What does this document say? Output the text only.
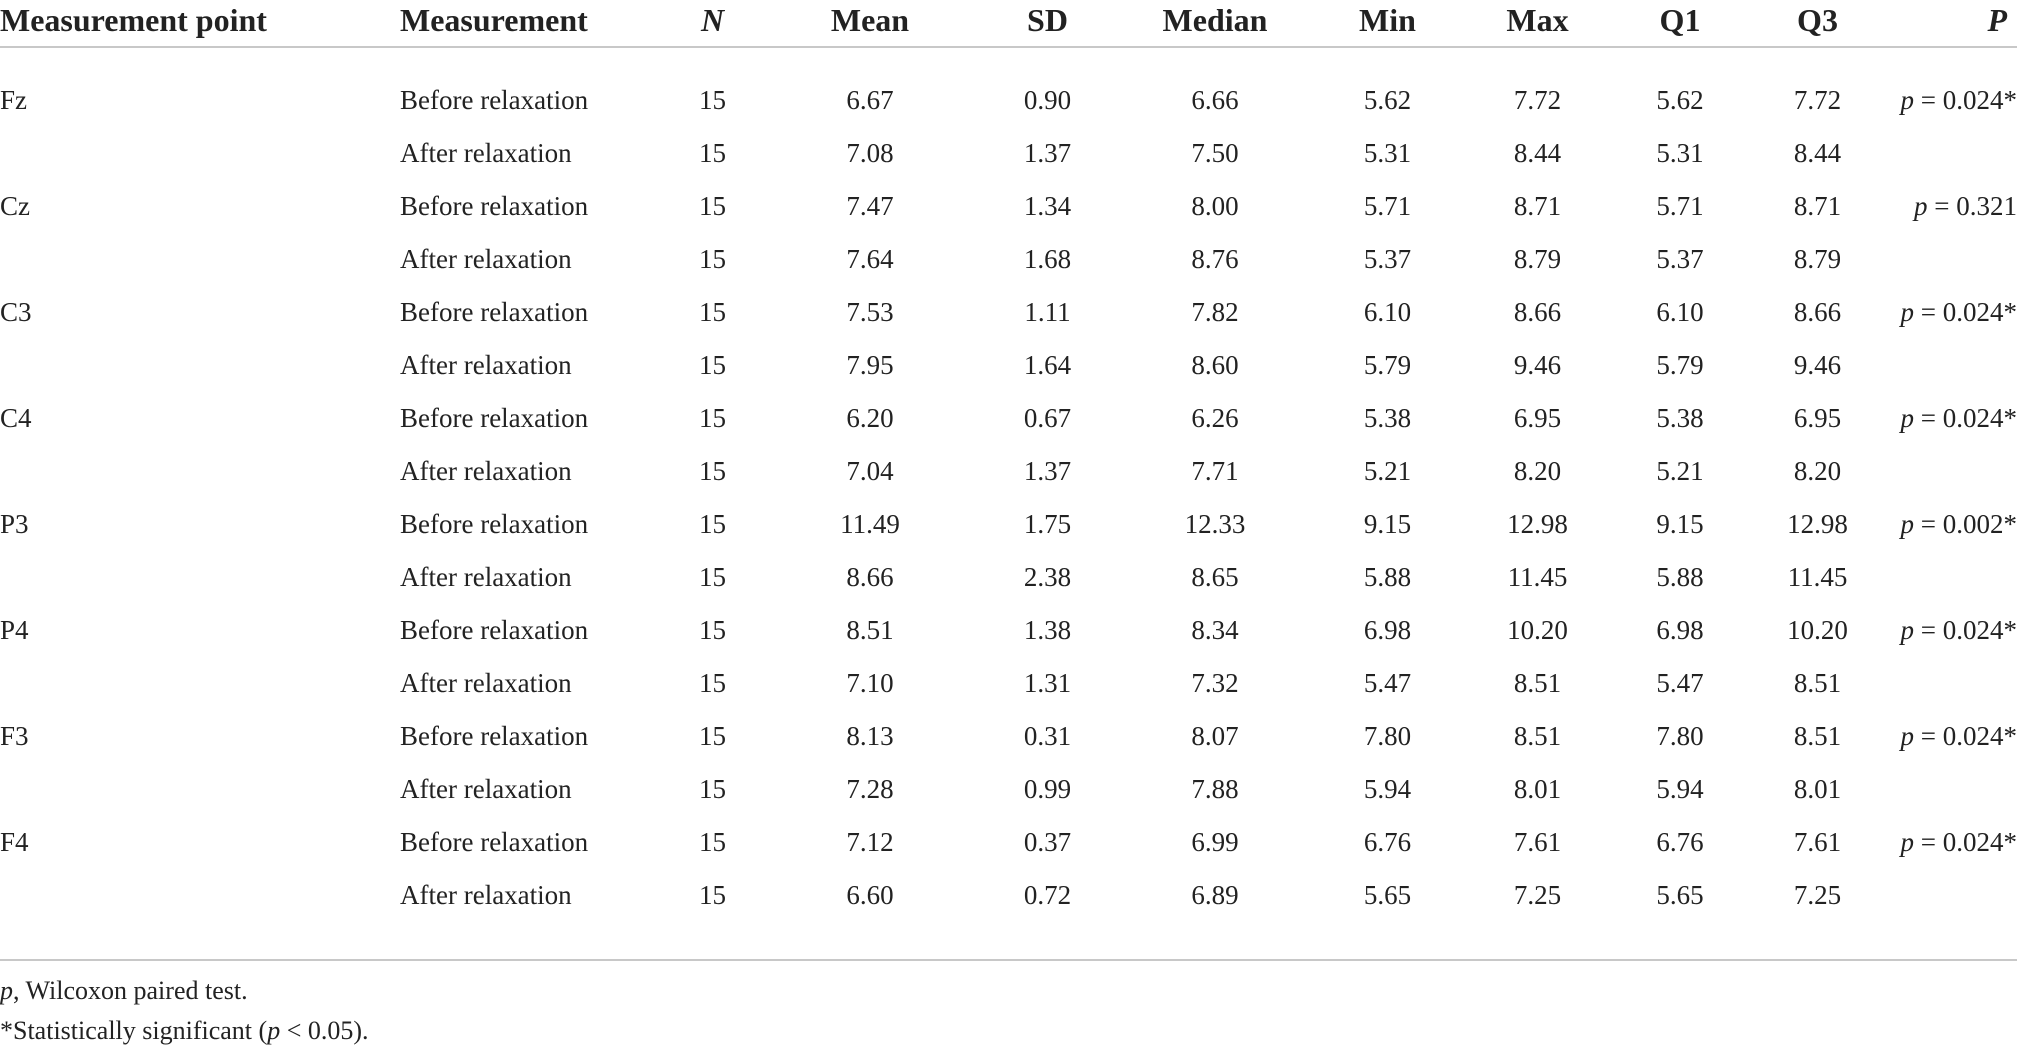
Measurement point	Measurement	N	Mean	SD	Median	Min	Max	Q1	Q3	P

Fz	Before relaxation	15	6.67	0.90	6.66	5.62	7.72	5.62	7.72	p = 0.024*
	After relaxation	15	7.08	1.37	7.50	5.31	8.44	5.31	8.44	
Cz	Before relaxation	15	7.47	1.34	8.00	5.71	8.71	5.71	8.71	p = 0.321
	After relaxation	15	7.64	1.68	8.76	5.37	8.79	5.37	8.79	
C3	Before relaxation	15	7.53	1.11	7.82	6.10	8.66	6.10	8.66	p = 0.024*
	After relaxation	15	7.95	1.64	8.60	5.79	9.46	5.79	9.46	
C4	Before relaxation	15	6.20	0.67	6.26	5.38	6.95	5.38	6.95	p = 0.024*
	After relaxation	15	7.04	1.37	7.71	5.21	8.20	5.21	8.20	
P3	Before relaxation	15	11.49	1.75	12.33	9.15	12.98	9.15	12.98	p = 0.002*
	After relaxation	15	8.66	2.38	8.65	5.88	11.45	5.88	11.45	
P4	Before relaxation	15	8.51	1.38	8.34	6.98	10.20	6.98	10.20	p = 0.024*
	After relaxation	15	7.10	1.31	7.32	5.47	8.51	5.47	8.51	
F3	Before relaxation	15	8.13	0.31	8.07	7.80	8.51	7.80	8.51	p = 0.024*
	After relaxation	15	7.28	0.99	7.88	5.94	8.01	5.94	8.01	
F4	Before relaxation	15	7.12	0.37	6.99	6.76	7.61	6.76	7.61	p = 0.024*
	After relaxation	15	6.60	0.72	6.89	5.65	7.25	5.65	7.25	
p, Wilcoxon paired test.
*Statistically significant (p < 0.05).
